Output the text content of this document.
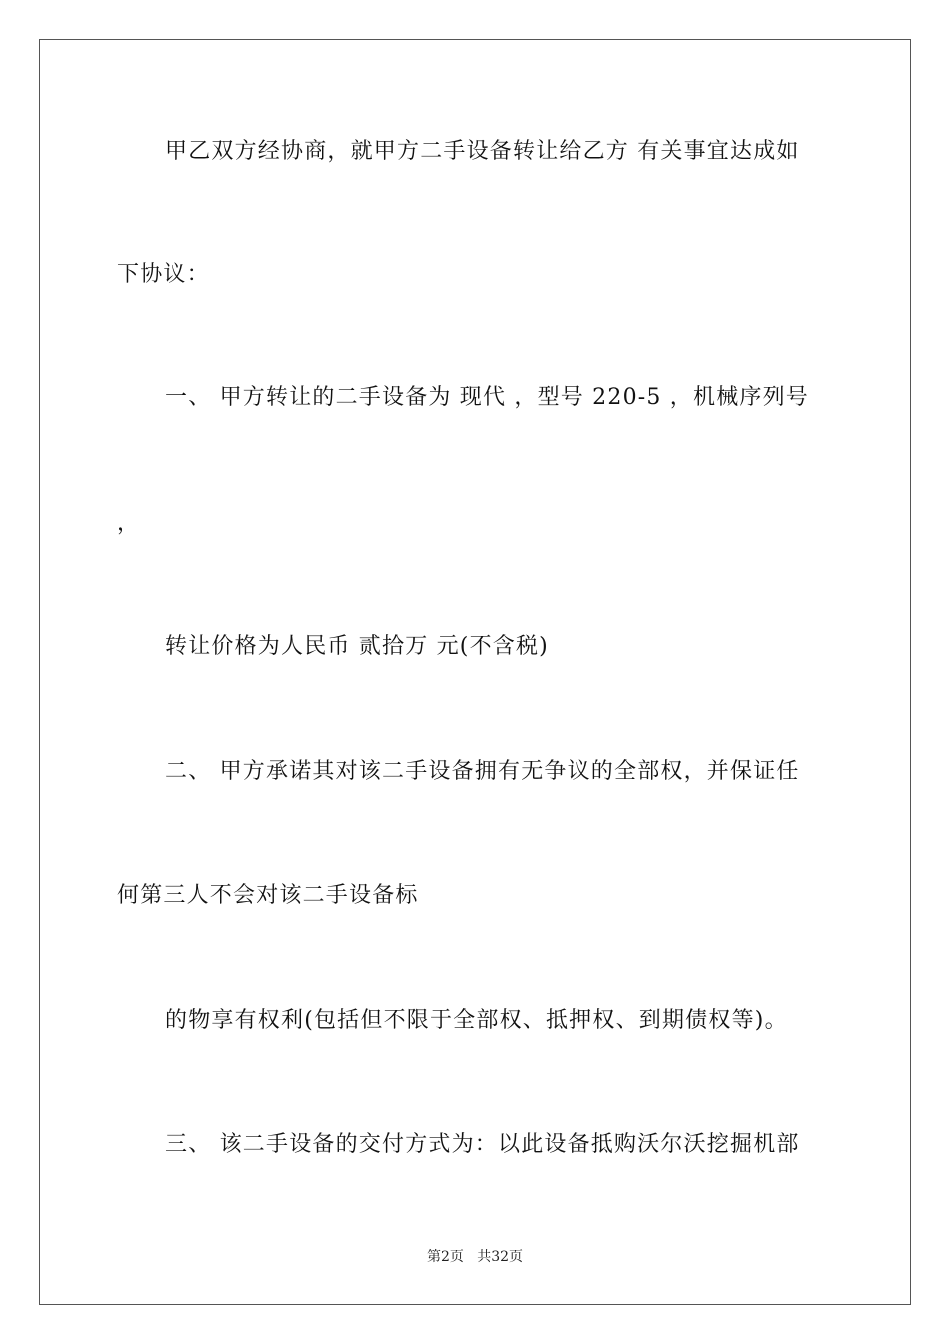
甲乙双方经协商，就甲方二手设备转让给乙方 有关事宜达成如
下协议：
一、 甲方转让的二手设备为 现代 ，型号 220-5 ，机械序列号
，
转让价格为人民币 贰拾万 元(不含税)
二、 甲方承诺其对该二手设备拥有无争议的全部权，并保证任
何第三人不会对该二手设备标
的物享有权利(包括但不限于全部权、抵押权、到期债权等)。
三、 该二手设备的交付方式为：以此设备抵购沃尔沃挖掘机部
第2页   共32页
